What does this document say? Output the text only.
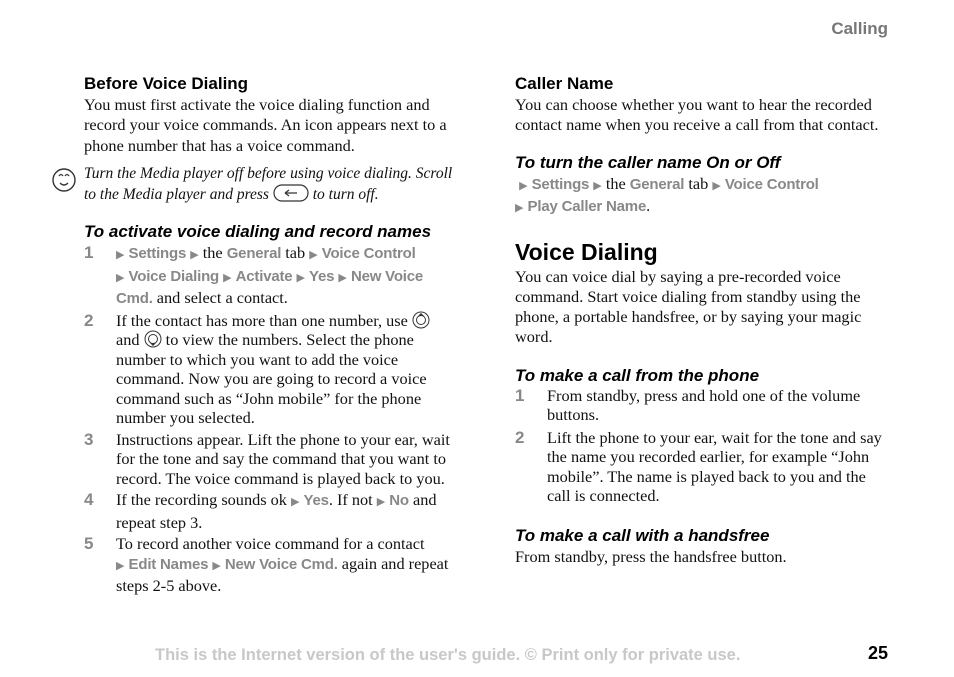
Calling
Before Voice Dialing

You must first activate the voice dialing function and record your voice commands. An icon appears next to a phone number that has a voice command.

Turn the Media player off before using voice dialing. Scroll to the Media player and press	to turn off.
To activate voice dialing and record names
1 ▶ Settings ▶ the General tab ▶ Voice Control
▶ Voice Dialing ▶ Activate ▶ Yes ▶ New Voice Cmd. and select a contact.
2 If the contact has more than one number, use  and to view the numbers. Select the phone number to which you want to add the voice command. Now you are going to record a voice command such as “John mobile” for the phone number you selected.
3 Instructions appear. Lift the phone to your ear, wait for the tone and say the command that you want to record. The voice command is played back to you.
4 If the recording sounds ok ▶ Yes. If not ▶ No and repeat step 3.
5 To record another voice command for a contact
▶ Edit Names ▶ New Voice Cmd. again and repeat steps 2-5 above.
Caller Name

You can choose whether you want to hear the recorded contact name when you receive a call from that contact.

To turn the caller name On or Off
▶ Settings ▶ the General tab ▶ Voice Control
▶ Play Caller Name.
Voice Dialing

You can voice dial by saying a pre-recorded voice command. Start voice dialing from standby using the phone, a portable handsfree, or by saying your magic word.

To make a call from the phone
1 From standby, press and hold one of the volume buttons.
2 Lift the phone to your ear, wait for the tone and say the name you recorded earlier, for example “John mobile”. The name is played back to you and the call is connected.
To make a call with a handsfree

From standby, press the handsfree button.

This is the Internet version of the user's guide. © Print only for private use.	25
